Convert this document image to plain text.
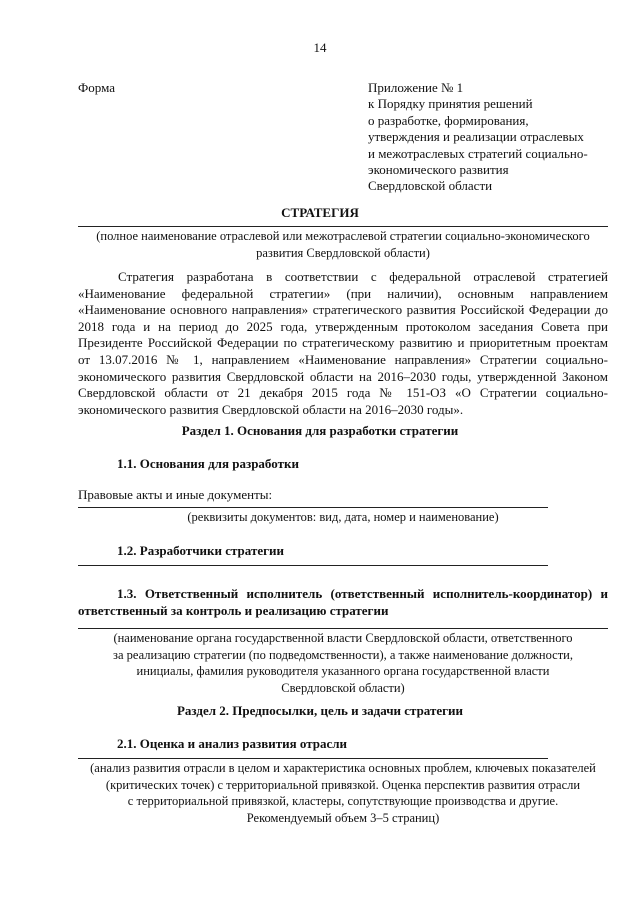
14
Форма	Приложение № 1
к Порядку принятия решений
о разработке, формирования,
утверждения и реализации отраслевых
и межотраслевых стратегий социально-
экономического развития
Свердловской области
СТРАТЕГИЯ
(полное наименование отраслевой или межотраслевой стратегии социально-экономического
развития Свердловской области)
Стратегия разработана в соответствии с федеральной отраслевой стратегией «Наименование федеральной стратегии» (при наличии), основным направлением «Наименование основного направления» стратегического развития Российской Федерации до 2018 года и на период до 2025 года, утвержденным протоколом заседания Совета при Президенте Российской Федерации по стратегическому развитию и приоритетным проектам от 13.07.2016 № 1, направлением «Наименование направления» Стратегии социально-экономического развития Свердловской области на 2016–2030 годы, утвержденной Законом Свердловской области от 21 декабря 2015 года № 151-ОЗ «О Стратегии социально-экономического развития Свердловской области на 2016–2030 годы».
Раздел 1. Основания для разработки стратегии
1.1. Основания для разработки
Правовые акты и иные документы:
(реквизиты документов: вид, дата, номер и наименование)
1.2. Разработчики стратегии
1.3. Ответственный исполнитель (ответственный исполнитель-координатор) и ответственный за контроль и реализацию стратегии
(наименование органа государственной власти Свердловской области, ответственного
за реализацию стратегии (по подведомственности), а также наименование должности,
инициалы, фамилия руководителя указанного органа государственной власти
Свердловской области)
Раздел 2. Предпосылки, цель и задачи стратегии
2.1. Оценка и анализ развития отрасли
(анализ развития отрасли в целом и характеристика основных проблем, ключевых показателей
(критических точек) с территориальной привязкой. Оценка перспектив развития отрасли
с территориальной привязкой, кластеры, сопутствующие производства и другие.
Рекомендуемый объем 3–5 страниц)
